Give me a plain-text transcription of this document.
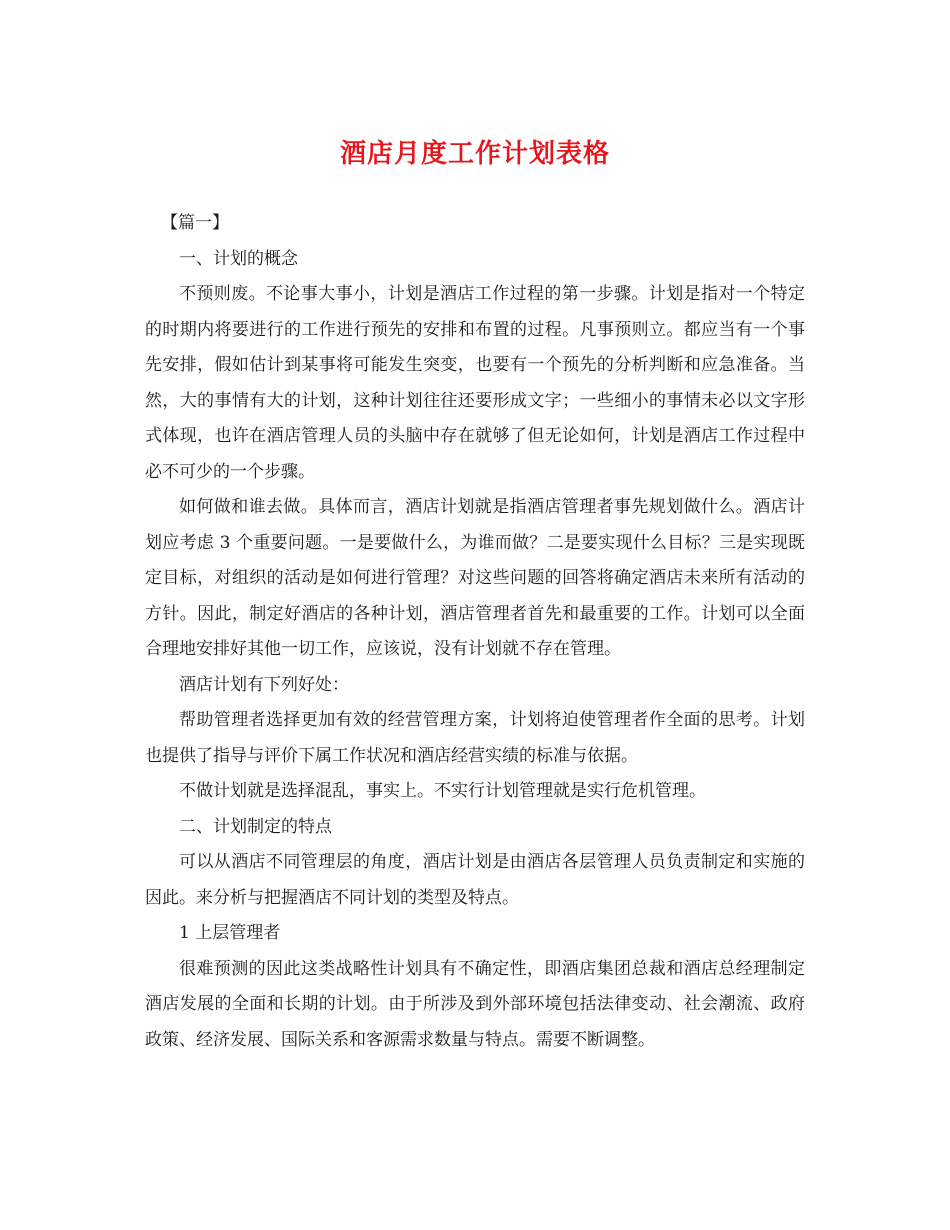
酒店月度工作计划表格

【篇一】

一、计划的概念

不预则废。不论事大事小，计划是酒店工作过程的第一步骤。计划是指对一个特定的时期内将要进行的工作进行预先的安排和布置的过程。凡事预则立。都应当有一个事先安排，假如估计到某事将可能发生突变，也要有一个预先的分析判断和应急准备。当然，大的事情有大的计划，这种计划往往还要形成文字；一些细小的事情未必以文字形式体现，也许在酒店管理人员的头脑中存在就够了但无论如何，计划是酒店工作过程中必不可少的一个步骤。

如何做和谁去做。具体而言，酒店计划就是指酒店管理者事先规划做什么。酒店计划应考虑 3 个重要问题。一是要做什么，为谁而做？二是要实现什么目标？三是实现既定目标，对组织的活动是如何进行管理？对这些问题的回答将确定酒店未来所有活动的方针。因此，制定好酒店的各种计划，酒店管理者首先和最重要的工作。计划可以全面合理地安排好其他一切工作，应该说，没有计划就不存在管理。

酒店计划有下列好处：

帮助管理者选择更加有效的经营管理方案，计划将迫使管理者作全面的思考。计划也提供了指导与评价下属工作状况和酒店经营实绩的标准与依据。

不做计划就是选择混乱，事实上。不实行计划管理就是实行危机管理。

二、计划制定的特点

可以从酒店不同管理层的角度，酒店计划是由酒店各层管理人员负责制定和实施的因此。来分析与把握酒店不同计划的类型及特点。

1 上层管理者

很难预测的因此这类战略性计划具有不确定性，即酒店集团总裁和酒店总经理制定酒店发展的全面和长期的计划。由于所涉及到外部环境包括法律变动、社会潮流、政府政策、经济发展、国际关系和客源需求数量与特点。需要不断调整。
